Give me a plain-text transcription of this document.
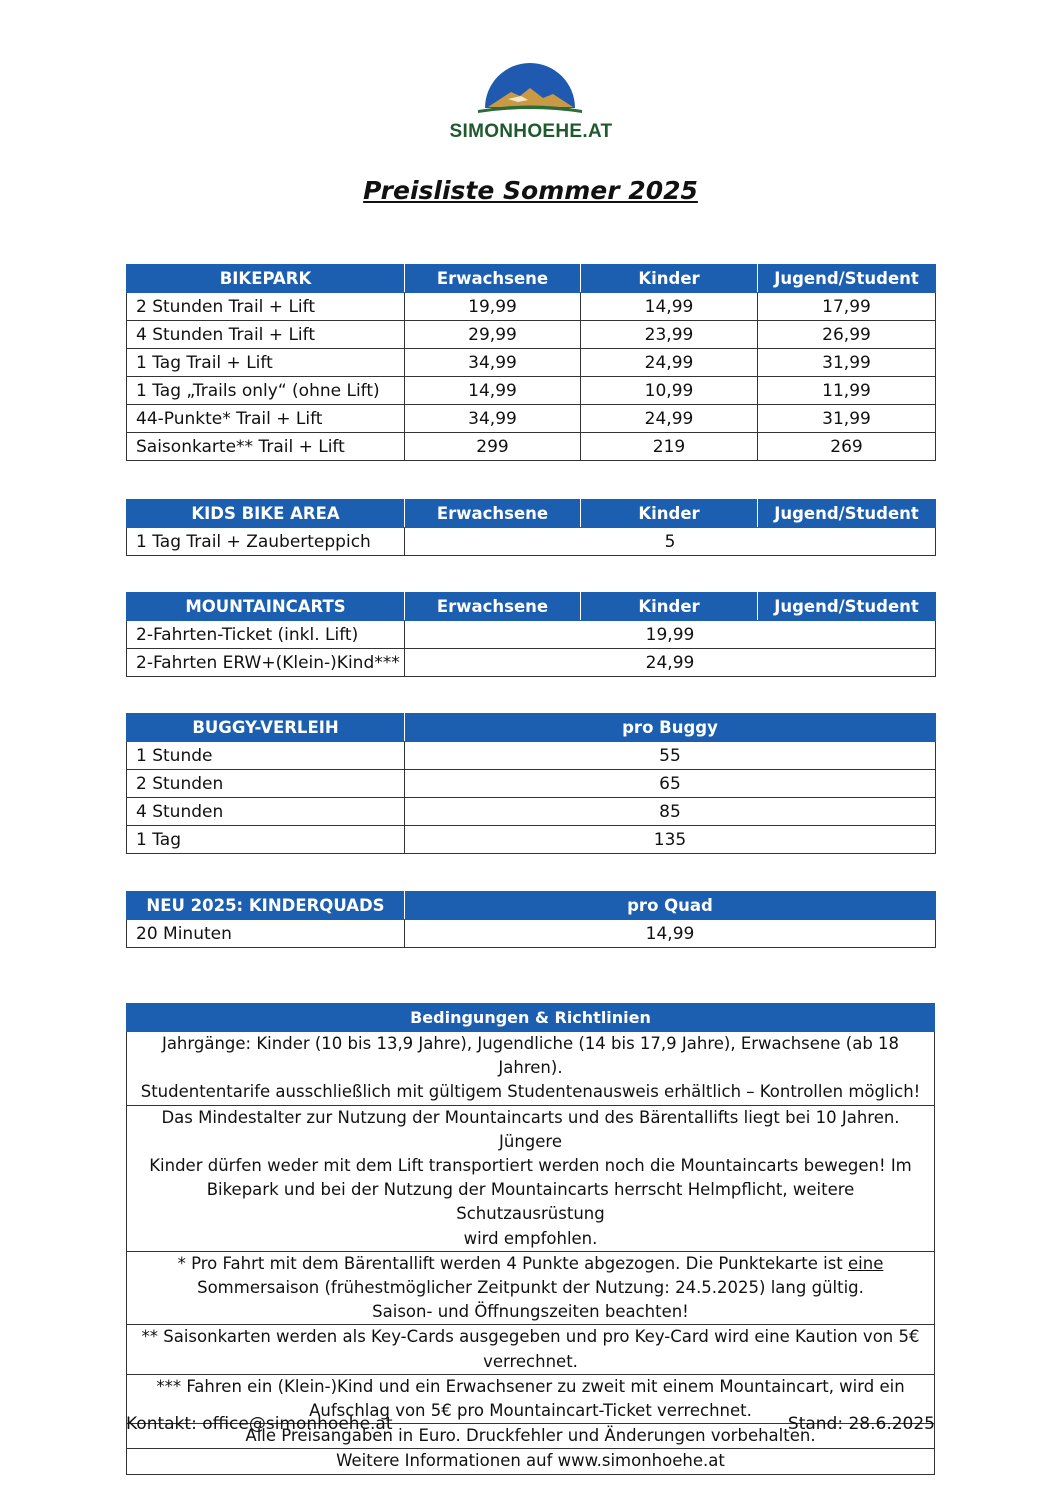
SIMONHOEHE.AT
Preisliste Sommer 2025
BIKEPARK	Erwachsene	Kinder	Jugend/Student
2 Stunden Trail + Lift	19,99	14,99	17,99
4 Stunden Trail + Lift	29,99	23,99	26,99
1 Tag Trail + Lift	34,99	24,99	31,99
1 Tag „Trails only“ (ohne Lift)	14,99	10,99	11,99
44-Punkte* Trail + Lift	34,99	24,99	31,99
Saisonkarte** Trail + Lift	299	219	269
KIDS BIKE AREA	Erwachsene	Kinder	Jugend/Student
1 Tag Trail + Zauberteppich	5		
MOUNTAINCARTS	Erwachsene	Kinder	Jugend/Student
2-Fahrten-Ticket (inkl. Lift)	19,99		
2-Fahrten ERW+(Klein-)Kind***	24,99		
BUGGY-VERLEIH	pro Buggy
1 Stunde	55
2 Stunden	65
4 Stunden	85
1 Tag	135
NEU 2025: KINDERQUADS	pro Quad
20 Minuten	14,99
Bedingungen & Richtlinien

Jahrgänge: Kinder (10 bis 13,9 Jahre), Jugendliche (14 bis 17,9 Jahre), Erwachsene (ab 18 Jahren).
Studententarife ausschließlich mit gültigem Studentenausweis erhältlich – Kontrollen möglich!

Das Mindestalter zur Nutzung der Mountaincarts und des Bärentallifts liegt bei 10 Jahren. Jüngere
Kinder dürfen weder mit dem Lift transportiert werden noch die Mountaincarts bewegen! Im
Bikepark und bei der Nutzung der Mountaincarts herrscht Helmpflicht, weitere Schutzausrüstung
wird empfohlen.

* Pro Fahrt mit dem Bärentallift werden 4 Punkte abgezogen. Die Punktekarte ist eine
Sommersaison (frühestmöglicher Zeitpunkt der Nutzung: 24.5.2025) lang gültig.
Saison- und Öffnungszeiten beachten!

** Saisonkarten werden als Key-Cards ausgegeben und pro Key-Card wird eine Kaution von 5€
verrechnet.

*** Fahren ein (Klein-)Kind und ein Erwachsener zu zweit mit einem Mountaincart, wird ein
Aufschlag von 5€ pro Mountaincart-Ticket verrechnet.

Alle Preisangaben in Euro. Druckfehler und Änderungen vorbehalten.

Weitere Informationen auf www.simonhoehe.at
Kontakt: office@simonhoehe.at	Stand: 28.6.2025
